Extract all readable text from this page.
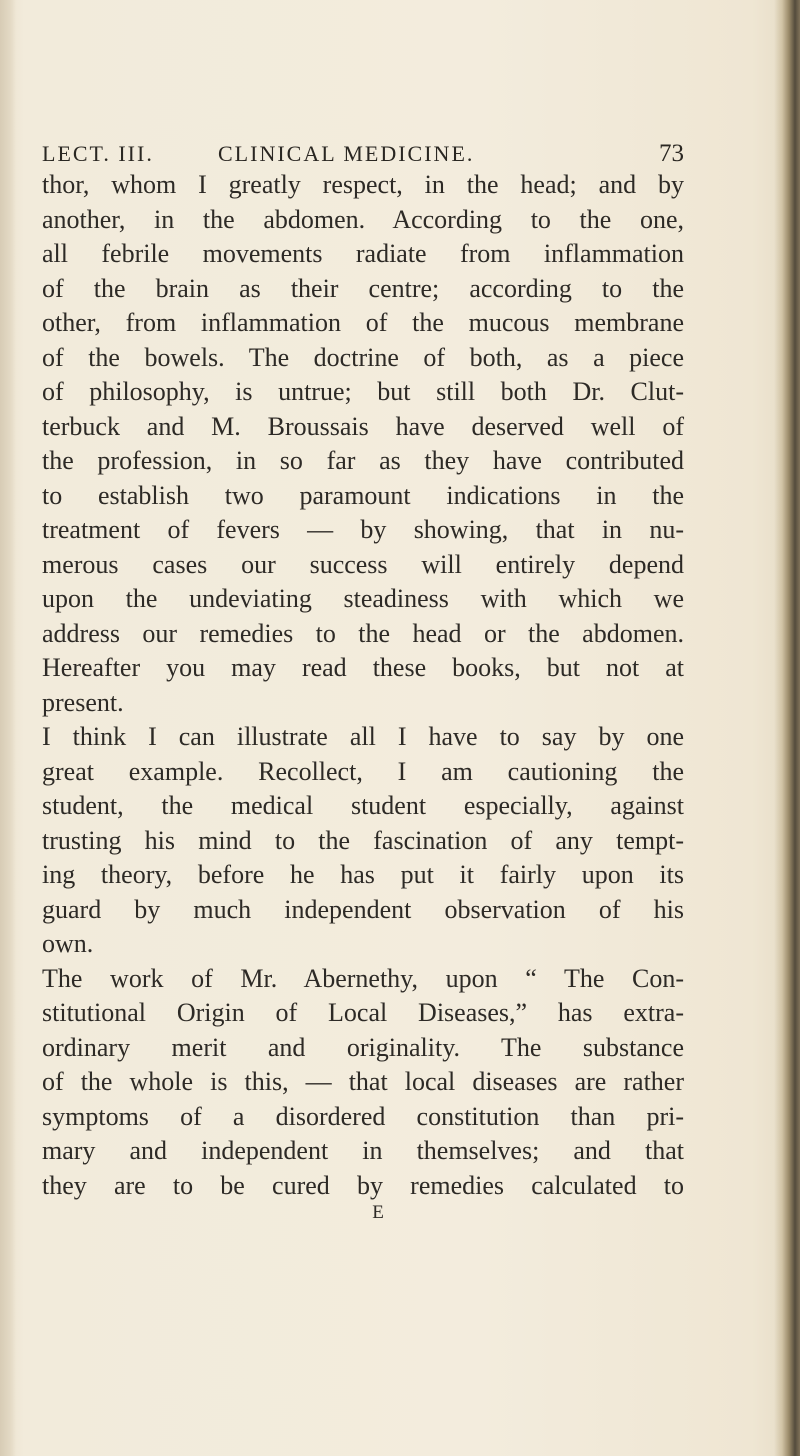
LECT. III.	CLINICAL MEDICINE.	73
thor, whom I greatly respect, in the head; and by
another, in the abdomen. According to the one,
all febrile movements radiate from inflammation
of the brain as their centre; according to the
other, from inflammation of the mucous membrane
of the bowels. The doctrine of both, as a piece
of philosophy, is untrue; but still both Dr. Clut-
terbuck and M. Broussais have deserved well of
the profession, in so far as they have contributed
to establish two paramount indications in the
treatment of fevers — by showing, that in nu-
merous cases our success will entirely depend
upon the undeviating steadiness with which we
address our remedies to the head or the abdomen.
Hereafter you may read these books, but not at
present.
I think I can illustrate all I have to say by one
great example. Recollect, I am cautioning the
student, the medical student especially, against
trusting his mind to the fascination of any tempt-
ing theory, before he has put it fairly upon its
guard by much independent observation of his
own.
The work of Mr. Abernethy, upon “ The Con-
stitutional Origin of Local Diseases,” has extra-
ordinary merit and originality. The substance
of the whole is this, — that local diseases are rather
symptoms of a disordered constitution than pri-
mary and independent in themselves; and that
they are to be cured by remedies calculated to
E
